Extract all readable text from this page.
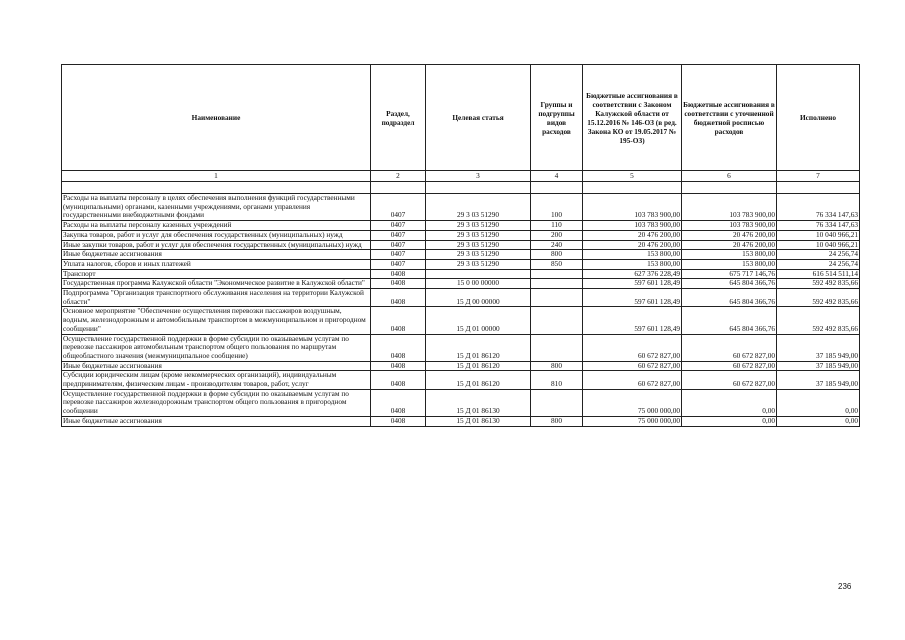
Наименование	Раздел, подраздел	Целевая статья	Группы и подгруппы видов расходов	Бюджетные ассигнования в соответствии с Законом Калужской области от 15.12.2016 № 146-ОЗ (в ред. Закона КО от 19.05.2017 № 195-ОЗ)	Бюджетные ассигнования в соответствии с уточненной бюджетной росписью расходов	Исполнено
1	2	3	4	5	6	7

Расходы на выплаты персоналу в целях обеспечения выполнения функций государственными (муниципальными) органами, казенными учреждениями, органами управления государственными внебюджетными фондами	0407	29 3 03 51290	100	103 783 900,00	103 783 900,00	76 334 147,63
Расходы на выплаты персоналу казенных учреждений	0407	29 3 03 51290	110	103 783 900,00	103 783 900,00	76 334 147,63
Закупка товаров, работ и услуг для обеспечения государственных (муниципальных) нужд	0407	29 3 03 51290	200	20 476 200,00	20 476 200,00	10 040 966,21
Иные закупки товаров, работ и услуг для обеспечения государственных (муниципальных) нужд	0407	29 3 03 51290	240	20 476 200,00	20 476 200,00	10 040 966,21
Иные бюджетные ассигнования	0407	29 3 03 51290	800	153 800,00	153 800,00	24 256,74
Уплата налогов, сборов и иных платежей	0407	29 3 03 51290	850	153 800,00	153 800,00	24 256,74
Транспорт	0408			627 376 228,49	675 717 146,76	616 514 511,14
Государственная программа Калужской области "Экономическое развитие в Калужской области"	0408	15 0 00 00000		597 601 128,49	645 804 366,76	592 492 835,66
Подпрограмма "Организация транспортного обслуживания населения на территории Калужской области"	0408	15 Д 00 00000		597 601 128,49	645 804 366,76	592 492 835,66
Основное мероприятие "Обеспечение осуществления перевозки пассажиров воздушным, водным, железнодорожным и автомобильным транспортом в межмуниципальном и пригородном сообщении"	0408	15 Д 01 00000		597 601 128,49	645 804 366,76	592 492 835,66
Осуществление государственной поддержки в форме субсидии по оказываемым услугам по перевозке пассажиров автомобильным транспортом общего пользования по маршрутам общеобластного значения (межмуниципальное сообщение)	0408	15 Д 01 86120		60 672 827,00	60 672 827,00	37 185 949,00
Иные бюджетные ассигнования	0408	15 Д 01 86120	800	60 672 827,00	60 672 827,00	37 185 949,00
Субсидии юридическим лицам (кроме некоммерческих организаций), индивидуальным предпринимателям, физическим лицам - производителям товаров, работ, услуг	0408	15 Д 01 86120	810	60 672 827,00	60 672 827,00	37 185 949,00
Осуществление государственной поддержки в форме субсидии по оказываемым услугам по перевозке пассажиров железнодорожным транспортом общего пользования в пригородном сообщении	0408	15 Д 01 86130		75 000 000,00	0,00	0,00
Иные бюджетные ассигнования	0408	15 Д 01 86130	800	75 000 000,00	0,00	0,00
236
